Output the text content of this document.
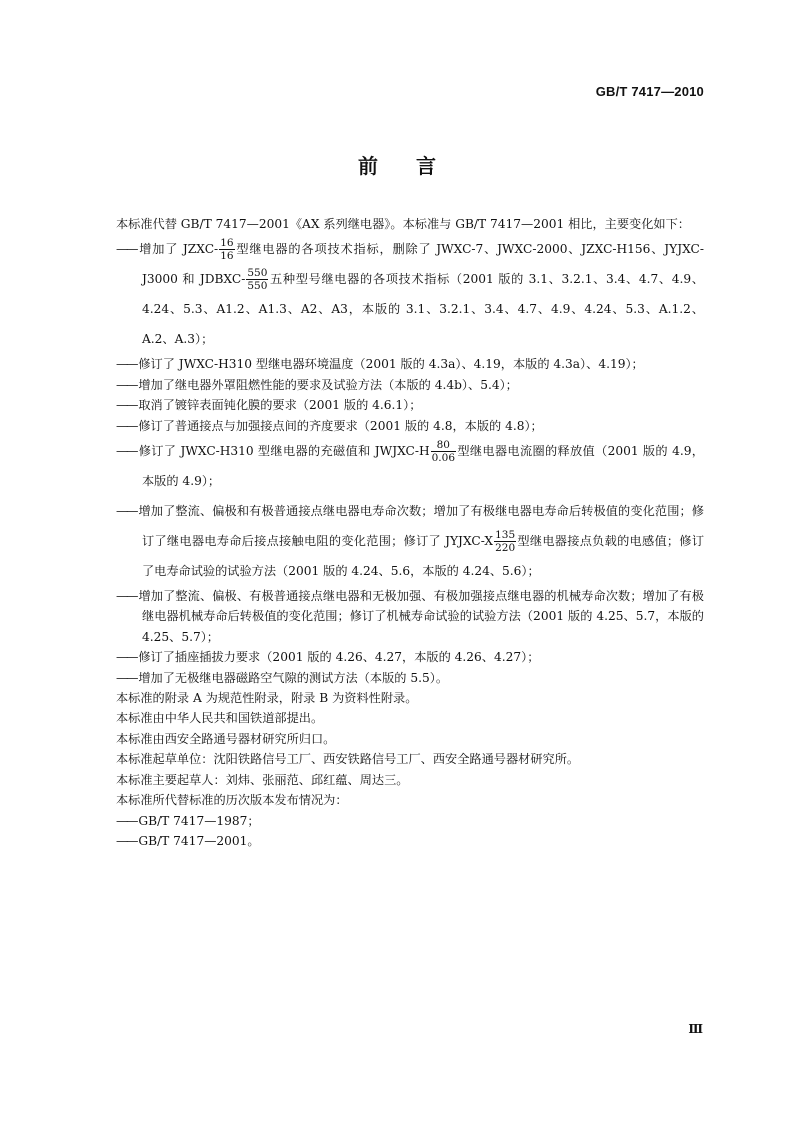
GB/T 7417—2010
前言

本标准代替 GB/T 7417—2001《AX 系列继电器》。本标准与 GB/T 7417—2001 相比，主要变化如下：

—— 增加了 JZXC- $\frac{16}{16}$ 型继电器的各项技术指标，删除了 JWXC-7、JWXC-2000、JZXC-H156、JYJXC-J3000 和 JDBXC- $\frac{550}{550}$ 五种型号继电器的各项技术指标（2001 版的 3.1、3.2.1、3.4、4.7、4.9、4.24、5.3、A1.2、A1.3、A2、A3，本版的 3.1、3.2.1、3.4、4.7、4.9、4.24、5.3、A.1.2、A.2、A.3）；

—— 修订了 JWXC-H310 型继电器环境温度（2001 版的 4.3a）、4.19，本版的 4.3a）、4.19）；

—— 增加了继电器外罩阻燃性能的要求及试验方法（本版的 4.4b）、5.4）；

—— 取消了镀锌表面钝化膜的要求（2001 版的 4.6.1）；

—— 修订了普通接点与加强接点间的齐度要求（2001 版的 4.8，本版的 4.8）；

—— 修订了 JWXC-H310 型继电器的充磁值和 JWJXC-H $\frac{80}{0.06}$ 型继电器电流圈的释放值（2001 版的 4.9，本版的 4.9）；

—— 增加了整流、偏极和有极普通接点继电器电寿命次数；增加了有极继电器电寿命后转极值的变化范围；修订了继电器电寿命后接点接触电阻的变化范围；修订了 JYJXC-X $\frac{135}{220}$ 型继电器接点负载的电感值；修订了电寿命试验的试验方法（2001 版的 4.24、5.6，本版的 4.24、5.6）；

—— 增加了整流、偏极、有极普通接点继电器和无极加强、有极加强接点继电器的机械寿命次数；增加了有极继电器机械寿命后转极值的变化范围；修订了机械寿命试验的试验方法（2001 版的 4.25、5.7，本版的 4.25、5.7）；

—— 修订了插座插拔力要求（2001 版的 4.26、4.27，本版的 4.26、4.27）；

—— 增加了无极继电器磁路空气隙的测试方法（本版的 5.5）。

本标准的附录 A 为规范性附录，附录 B 为资料性附录。

本标准由中华人民共和国铁道部提出。

本标准由西安全路通号器材研究所归口。

本标准起草单位：沈阳铁路信号工厂、西安铁路信号工厂、西安全路通号器材研究所。

本标准主要起草人：刘炜、张丽范、邱红蕴、周达三。

本标准所代替标准的历次版本发布情况为：

—— GB/T 7417—1987；

—— GB/T 7417—2001。

Ⅲ
